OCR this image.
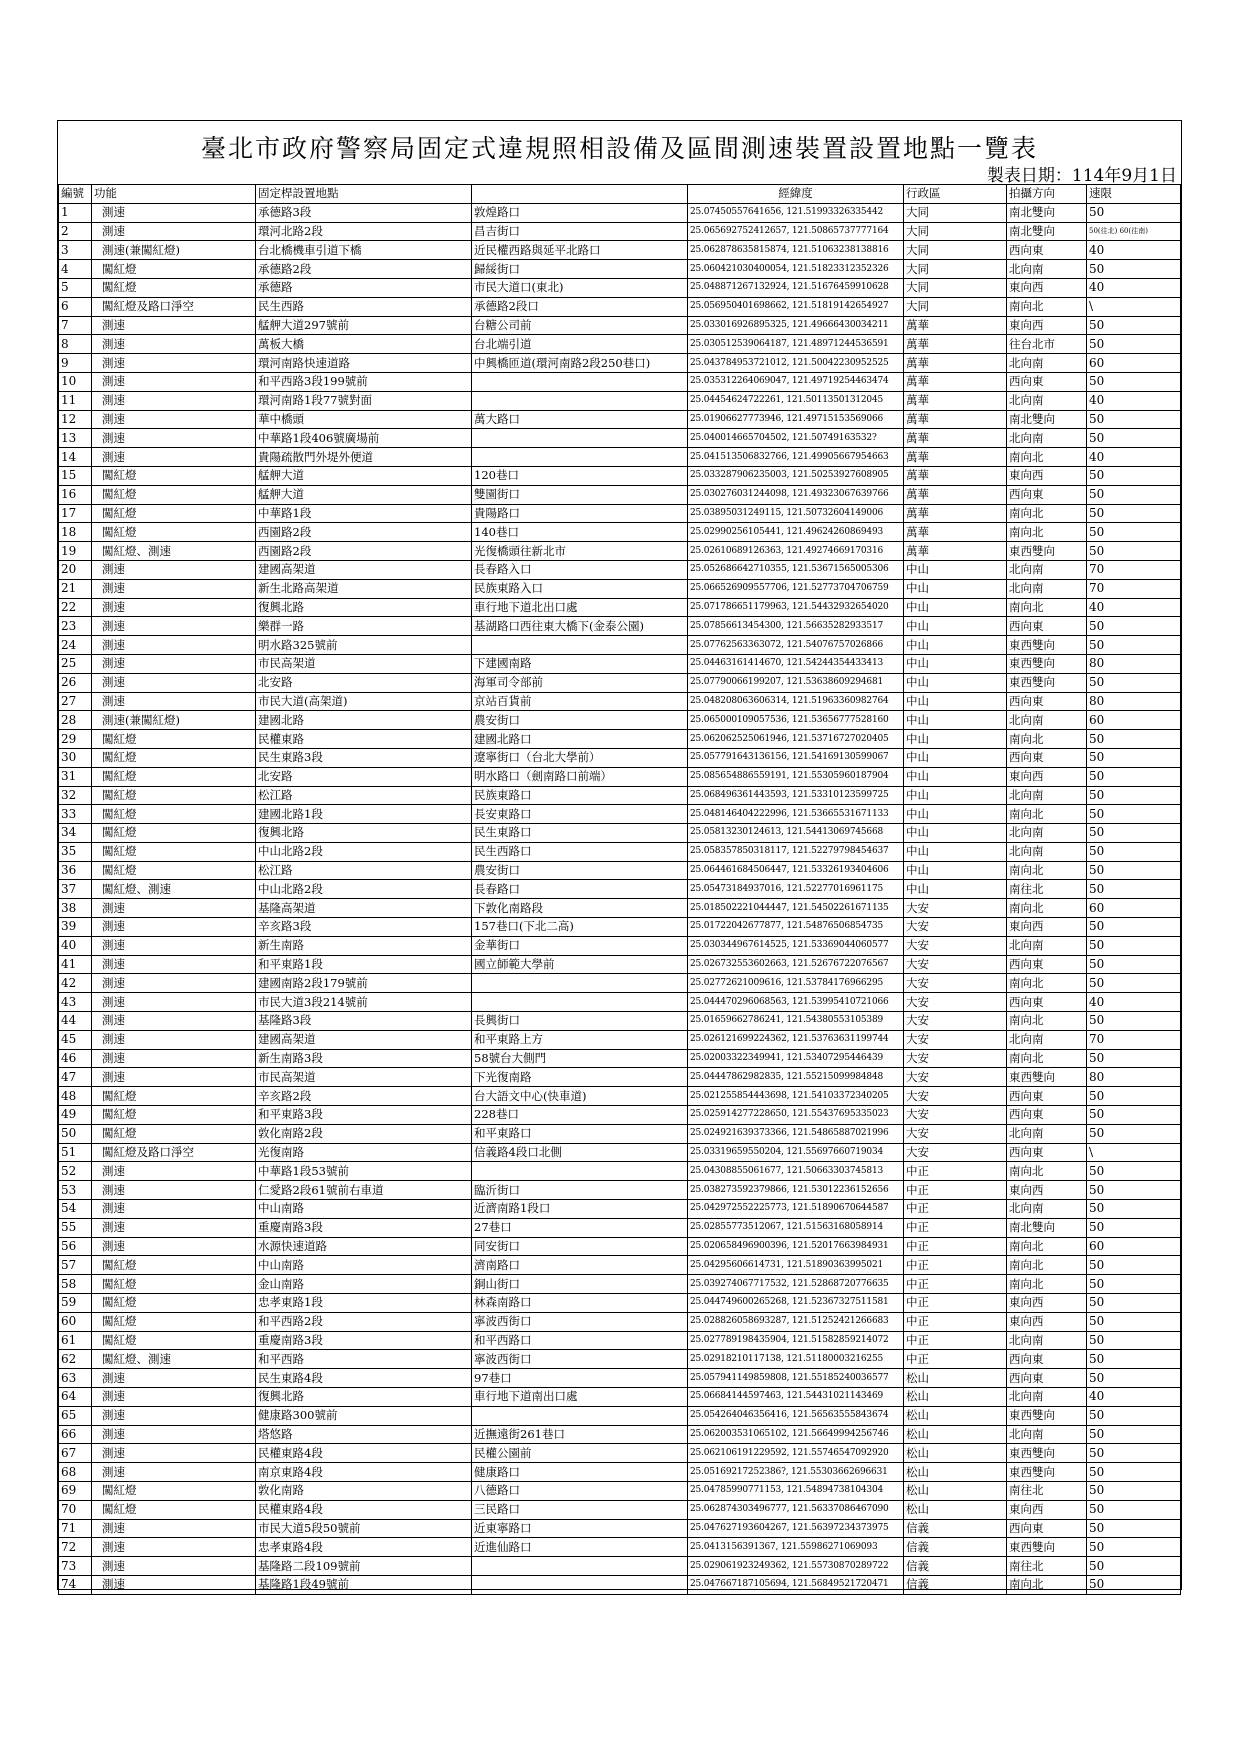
臺北市政府警察局固定式違規照相設備及區間測速裝置設置地點一覽表
製表日期：114年9月1日
編號	功能	固定桿設置地點		經緯度	行政區	拍攝方向	速限
1	測速	承德路3段	敦煌路口	25.07450557641656, 121.51993326335442	大同	南北雙向	50
2	測速	環河北路2段	昌吉街口	25.065692752412657, 121.50865737777164	大同	南北雙向	50(往北) 60(往南)
3	測速(兼闖紅燈)	台北橋機車引道下橋	近民權西路與延平北路口	25.062878635815874, 121.51063238138816	大同	西向東	40
4	闖紅燈	承德路2段	歸綏街口	25.060421030400054, 121.51823312352326	大同	北向南	50
5	闖紅燈	承德路	市民大道口(東北)	25.048871267132924, 121.51676459910628	大同	東向西	40
6	闖紅燈及路口淨空	民生西路	承德路2段口	25.056950401698662, 121.51819142654927	大同	南向北	\
7	測速	艋舺大道297號前	台糖公司前	25.033016926895325, 121.49666430034211	萬華	東向西	50
8	測速	萬板大橋	台北端引道	25.030512539064187, 121.48971244536591	萬華	往台北市	50
9	測速	環河南路快速道路	中興橋匝道(環河南路2段250巷口)	25.043784953721012, 121.50042230952525	萬華	北向南	60
10	測速	和平西路3段199號前		25.035312264069047, 121.49719254463474	萬華	西向東	50
11	測速	環河南路1段77號對面		25.04454624722261, 121.50113501312045	萬華	北向南	40
12	測速	華中橋頭	萬大路口	25.01906627773946, 121.49715153569066	萬華	南北雙向	50
13	測速	中華路1段406號廣場前		25.040014665704502, 121.50749163532?	萬華	北向南	50
14	測速	貴陽疏散門外堤外便道		25.041513506832766, 121.49905667954663	萬華	南向北	40
15	闖紅燈	艋舺大道	120巷口	25.033287906235003, 121.50253927608905	萬華	東向西	50
16	闖紅燈	艋舺大道	雙園街口	25.030276031244098, 121.49323067639766	萬華	西向東	50
17	闖紅燈	中華路1段	貴陽路口	25.03895031249115, 121.50732604149006	萬華	南向北	50
18	闖紅燈	西園路2段	140巷口	25.02990256105441, 121.49624260869493	萬華	南向北	50
19	闖紅燈、測速	西園路2段	光復橋頭往新北市	25.02610689126363, 121.49274669170316	萬華	東西雙向	50
20	測速	建國高架道	長春路入口	25.052686642710355, 121.53671565005306	中山	北向南	70
21	測速	新生北路高架道	民族東路入口	25.066526909557706, 121.52773704706759	中山	北向南	70
22	測速	復興北路	車行地下道北出口處	25.071786651179963, 121.54432932654020	中山	南向北	40
23	測速	樂群一路	基湖路口西往東大橋下(金泰公園)	25.07856613454300, 121.56635282933517	中山	西向東	50
24	測速	明水路325號前		25.07762563363072, 121.54076757026866	中山	東西雙向	50
25	測速	市民高架道	下建國南路	25.04463161414670, 121.54244354433413	中山	東西雙向	80
26	測速	北安路	海軍司令部前	25.07790066199207, 121.53638609294681	中山	東西雙向	50
27	測速	市民大道(高架道)	京站百貨前	25.048208063606314, 121.51963360982764	中山	西向東	80
28	測速(兼闖紅燈)	建國北路	農安街口	25.065000109057536, 121.53656777528160	中山	北向南	60
29	闖紅燈	民權東路	建國北路口	25.062062525061946, 121.53716727020405	中山	南向北	50
30	闖紅燈	民生東路3段	遼寧街口（台北大學前）	25.057791643136156, 121.54169130599067	中山	西向東	50
31	闖紅燈	北安路	明水路口（劍南路口前端）	25.085654886559191, 121.55305960187904	中山	東向西	50
32	闖紅燈	松江路	民族東路口	25.068496361443593, 121.53310123599725	中山	北向南	50
33	闖紅燈	建國北路1段	長安東路口	25.048146404222996, 121.53665531671133	中山	南向北	50
34	闖紅燈	復興北路	民生東路口	25.05813230124613, 121.54413069745668	中山	北向南	50
35	闖紅燈	中山北路2段	民生西路口	25.058357850318117, 121.52279798454637	中山	北向南	50
36	闖紅燈	松江路	農安街口	25.064461684506447, 121.53326193404606	中山	南向北	50
37	闖紅燈、測速	中山北路2段	長春路口	25.05473184937016, 121.52277016961175	中山	南往北	50
38	測速	基隆高架道	下敦化南路段	25.018502221044447, 121.54502261671135	大安	南向北	60
39	測速	辛亥路3段	157巷口(下北二高)	25.01722042677877, 121.54876506854735	大安	東向西	50
40	測速	新生南路	金華街口	25.030344967614525, 121.53369044060577	大安	北向南	50
41	測速	和平東路1段	國立師範大學前	25.026732553602663, 121.52676722076567	大安	西向東	50
42	測速	建國南路2段179號前		25.02772621009616, 121.53784176966295	大安	南向北	50
43	測速	市民大道3段214號前		25.044470296068563, 121.53995410721066	大安	西向東	40
44	測速	基隆路3段	長興街口	25.01659662786241, 121.54380553105389	大安	南向北	50
45	測速	建國高架道	和平東路上方	25.026121699224362, 121.53763631199744	大安	北向南	70
46	測速	新生南路3段	58號台大側門	25.02003322349941, 121.53407295446439	大安	南向北	50
47	測速	市民高架道	下光復南路	25.04447862982835, 121.55215099984848	大安	東西雙向	80
48	闖紅燈	辛亥路2段	台大語文中心(快車道)	25.021255854443698, 121.54103372340205	大安	西向東	50
49	闖紅燈	和平東路3段	228巷口	25.025914277228650, 121.55437695335023	大安	西向東	50
50	闖紅燈	敦化南路2段	和平東路口	25.024921639373366, 121.54865887021996	大安	北向南	50
51	闖紅燈及路口淨空	光復南路	信義路4段口北側	25.03319659550204, 121.55697660719034	大安	西向東	\
52	測速	中華路1段53號前		25.04308855061677, 121.50663303745813	中正	南向北	50
53	測速	仁愛路2段61號前右車道	臨沂街口	25.038273592379866, 121.53012236152656	中正	東向西	50
54	測速	中山南路	近濟南路1段口	25.042972552225773, 121.51890670644587	中正	北向南	50
55	測速	重慶南路3段	27巷口	25.02855773512067, 121.51563168058914	中正	南北雙向	50
56	測速	水源快速道路	同安街口	25.020658496900396, 121.52017663984931	中正	南向北	60
57	闖紅燈	中山南路	濟南路口	25.04295606614731, 121.51890363995021	中正	南向北	50
58	闖紅燈	金山南路	銅山街口	25.039274067717532, 121.52868720776635	中正	南向北	50
59	闖紅燈	忠孝東路1段	林森南路口	25.044749600265268, 121.52367327511581	中正	東向西	50
60	闖紅燈	和平西路2段	寧波西街口	25.028826058693287, 121.51252421266683	中正	東向西	50
61	闖紅燈	重慶南路3段	和平西路口	25.027789198435904, 121.51582859214072	中正	北向南	50
62	闖紅燈、測速	和平西路	寧波西街口	25.02918210117138, 121.51180003216255	中正	西向東	50
63	測速	民生東路4段	97巷口	25.057941149859808, 121.55185240036577	松山	西向東	50
64	測速	復興北路	車行地下道南出口處	25.06684144597463, 121.54431021143469	松山	北向南	40
65	測速	健康路300號前		25.054264046356416, 121.56563555843674	松山	東西雙向	50
66	測速	塔悠路	近撫遠街261巷口	25.062003531065102, 121.56649994256746	松山	北向南	50
67	測速	民權東路4段	民權公園前	25.062106191229592, 121.55746547092920	松山	東西雙向	50
68	測速	南京東路4段	健康路口	25.05169217252386?, 121.55303662696631	松山	東西雙向	50
69	闖紅燈	敦化南路	八德路口	25.04785990771153, 121.54894738104304	松山	南往北	50
70	闖紅燈	民權東路4段	三民路口	25.062874303496777, 121.56337086467090	松山	東向西	50
71	測速	市民大道5段50號前	近東寧路口	25.047627193604267, 121.56397234373975	信義	西向東	50
72	測速	忠孝東路4段	近進仙路口	25.0413156391367, 121.55986271069093	信義	東西雙向	50
73	測速	基隆路二段109號前		25.029061923249362, 121.55730870289722	信義	南往北	50
74	測速	基隆路1段49號前		25.047667187105694, 121.56849521720471	信義	南向北	50
